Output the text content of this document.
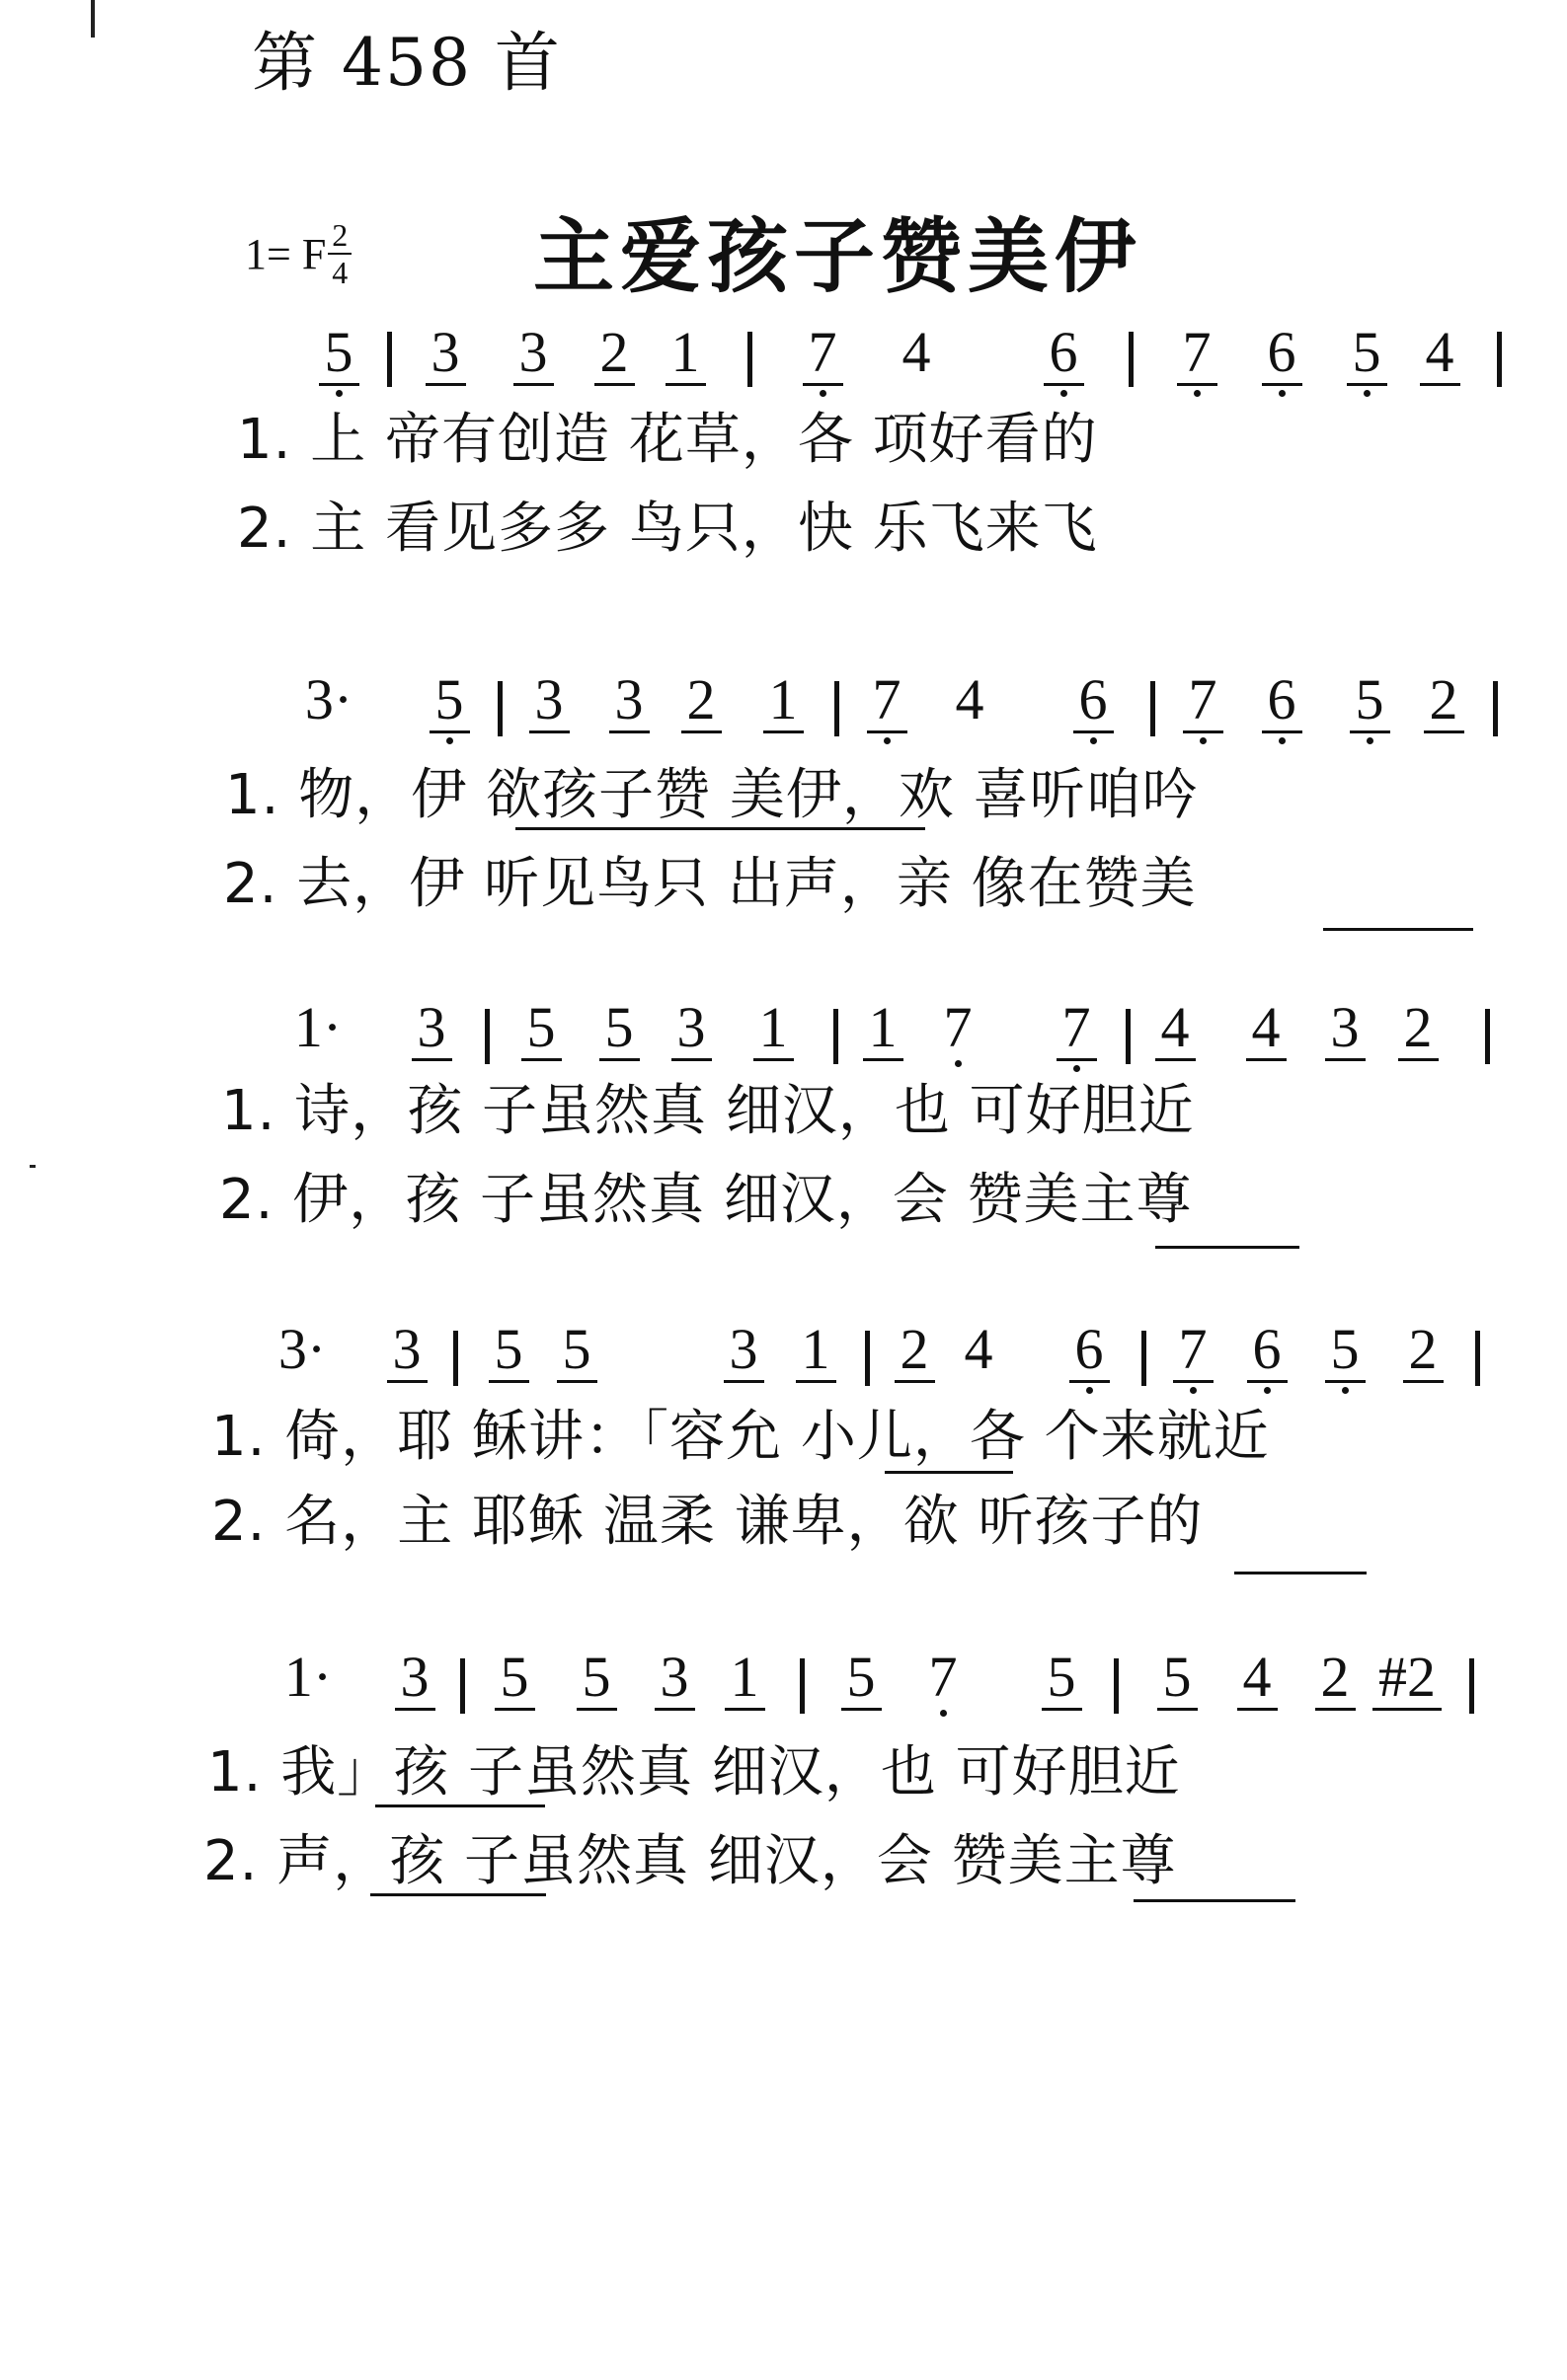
第 458 首
1= F 2
4 主爱孩子赞美伊
5 3 3 2 1 7 4 6 7 6 5 4
1. 上 帝有创造 花草，各 项好看的
2. 主 看见多多 鸟只，快 乐飞来飞
3· 5 3 3 2 1 7 4 6 7 6 5 2
1. 物，伊 欲孩子赞 美伊，欢 喜听咱吟
2. 去，伊 听见鸟只 出声，亲 像在赞美
1· 3 5 5 3 1 1 7 7 4 4 3 2
1. 诗，孩 子虽然真 细汉，也 可好胆近
2. 伊，孩 子虽然真 细汉，会 赞美主尊
3· 3 5 5 3 1 2 4 6 7 6 5 2
1. 倚，耶 稣讲：「容允 小儿，各 个来就近
2. 名，主 耶稣 温柔 谦卑，欲 听孩子的
1· 3 5 5 3 1 5 7 5 5 4 2 #2
1. 我」孩 子虽然真 细汉，也 可好胆近
2. 声，孩 子虽然真 细汉，会 赞美主尊
